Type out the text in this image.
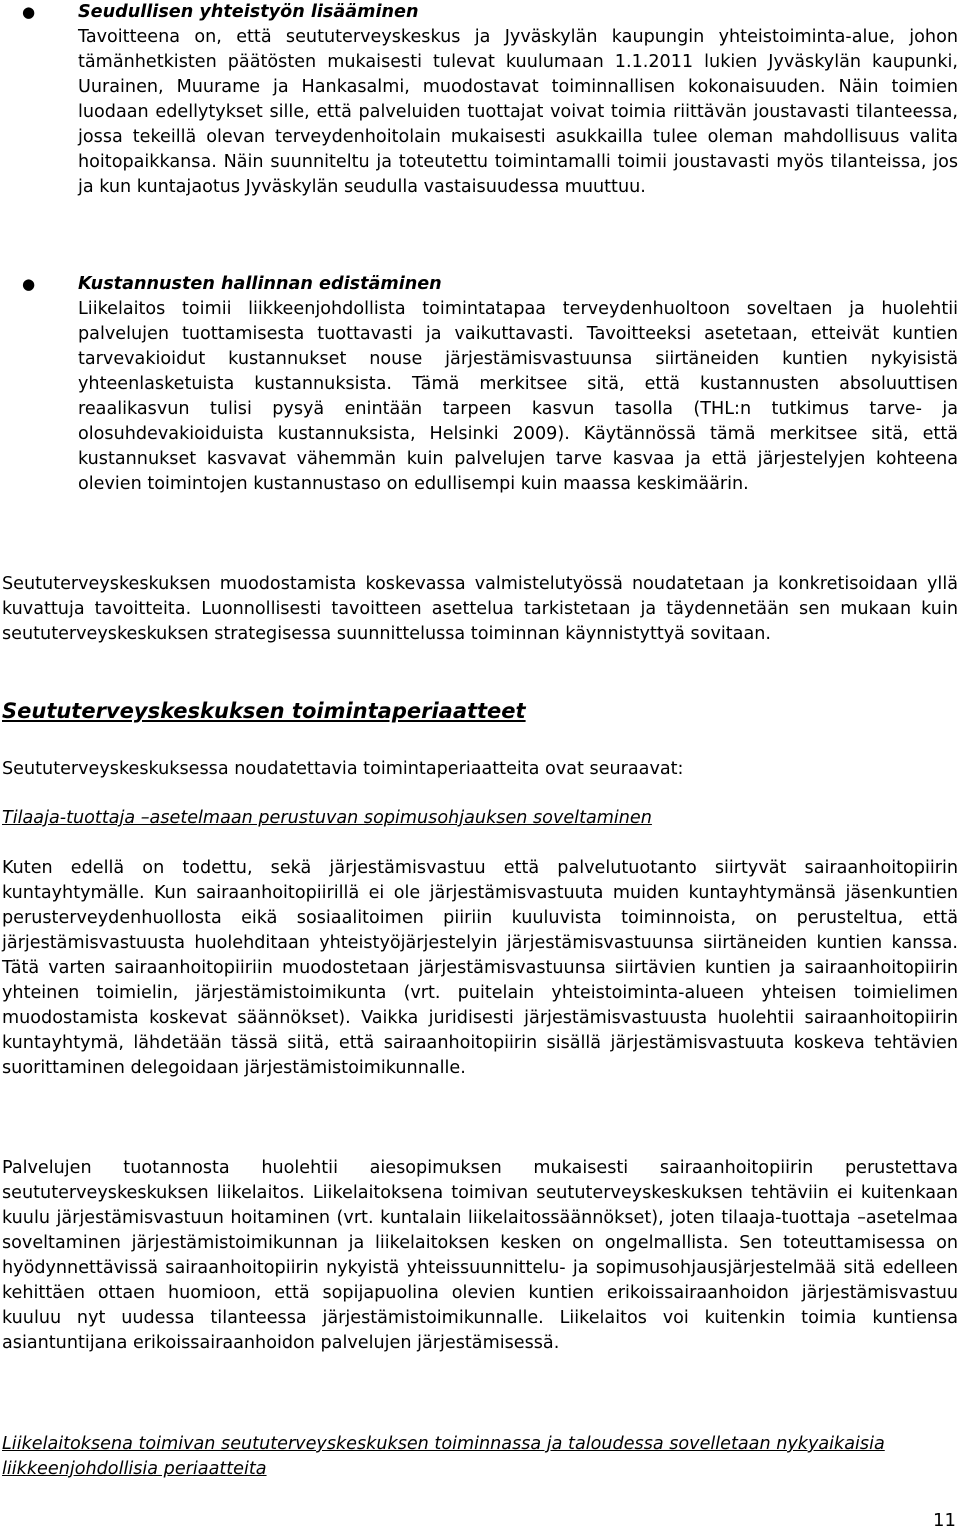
● Seudullisen yhteistyön lisääminen

Tavoitteena on, että seututerveyskeskus ja Jyväskylän kaupungin yhteistoiminta-alue, johon tämänhetkisten päätösten mukaisesti tulevat kuulumaan 1.1.2011 lukien Jyväskylän kaupunki, Uurainen, Muurame ja Hankasalmi, muodostavat toiminnallisen kokonaisuuden. Näin toimien luodaan edellytykset sille, että palveluiden tuottajat voivat toimia riittävän joustavasti tilanteessa, jossa tekeillä olevan terveydenhoitolain mukaisesti asukkailla tulee oleman mahdollisuus valita hoitopaikkansa. Näin suunniteltu ja toteutettu toimintamalli toimii joustavasti myös tilanteissa, jos ja kun kuntajaotus Jyväskylän seudulla vastaisuudessa muuttuu.

● Kustannusten hallinnan edistäminen

Liikelaitos toimii liikkeenjohdollista toimintatapaa terveydenhuoltoon soveltaen ja huolehtii palvelujen tuottamisesta tuottavasti ja vaikuttavasti. Tavoitteeksi asetetaan, etteivät kuntien tarvevakioidut kustannukset nouse järjestämisvastuunsa siirtäneiden kuntien nykyisistä yhteenlasketuista kustannuksista. Tämä merkitsee sitä, että kustannusten absoluuttisen reaalikasvun tulisi pysyä enintään tarpeen kasvun tasolla (THL:n tutkimus tarve- ja olosuhdevakioiduista kustannuksista, Helsinki 2009). Käytännössä tämä merkitsee sitä, että kustannukset kasvavat vähemmän kuin palvelujen tarve kasvaa ja että järjestelyjen kohteena olevien toimintojen kustannustaso on edullisempi kuin maassa keskimäärin.

Seututerveyskeskuksen muodostamista koskevassa valmistelutyössä noudatetaan ja konkretisoidaan yllä kuvattuja tavoitteita. Luonnollisesti tavoitteen asettelua tarkistetaan ja täydennetään sen mukaan kuin seututerveyskeskuksen strategisessa suunnittelussa toiminnan käynnistyttyä sovitaan.

Seututerveyskeskuksen toimintaperiaatteet

Seututerveyskeskuksessa noudatettavia toimintaperiaatteita ovat seuraavat:

Tilaaja-tuottaja –asetelmaan perustuvan sopimusohjauksen soveltaminen

Kuten edellä on todettu, sekä järjestämisvastuu että palvelutuotanto siirtyvät sairaanhoitopiirin kuntayhtymälle. Kun sairaanhoitopiirillä ei ole järjestämisvastuuta muiden kuntayhtymänsä jäsenkuntien perusterveydenhuollosta eikä sosiaalitoimen piiriin kuuluvista toiminnoista, on perusteltua, että järjestämisvastuusta huolehditaan yhteistyöjärjestelyin järjestämisvastuunsa siirtäneiden kuntien kanssa. Tätä varten sairaanhoitopiiriin muodostetaan järjestämisvastuunsa siirtävien kuntien ja sairaanhoitopiirin yhteinen toimielin, järjestämistoimikunta (vrt. puitelain yhteistoiminta-alueen yhteisen toimielimen muodostamista koskevat säännökset). Vaikka juridisesti järjestämisvastuusta huolehtii sairaanhoitopiirin kuntayhtymä, lähdetään tässä siitä, että sairaanhoitopiirin sisällä järjestämisvastuuta koskeva tehtävien suorittaminen delegoidaan järjestämistoimikunnalle.

Palvelujen tuotannosta huolehtii aiesopimuksen mukaisesti sairaanhoitopiirin perustettava seututerveyskeskuksen liikelaitos. Liikelaitoksena toimivan seututerveyskeskuksen tehtäviin ei kuitenkaan kuulu järjestämisvastuun hoitaminen (vrt. kuntalain liikelaitossäännökset), joten tilaaja-tuottaja –asetelmaa soveltaminen järjestämistoimikunnan ja liikelaitoksen kesken on ongelmallista. Sen toteuttamisessa on hyödynnettävissä sairaanhoitopiirin nykyistä yhteissuunnittelu- ja sopimusohjausjärjestelmää sitä edelleen kehittäen ottaen huomioon, että sopijapuolina olevien kuntien erikoissairaanhoidon järjestämisvastuu kuuluu nyt uudessa tilanteessa järjestämistoimikunnalle. Liikelaitos voi kuitenkin toimia kuntiensa asiantuntijana erikoissairaanhoidon palvelujen järjestämisessä.

Liikelaitoksena toimivan seututerveyskeskuksen toiminnassa ja taloudessa sovelletaan nykyaikaisia liikkeenjohdollisia periaatteita
11
